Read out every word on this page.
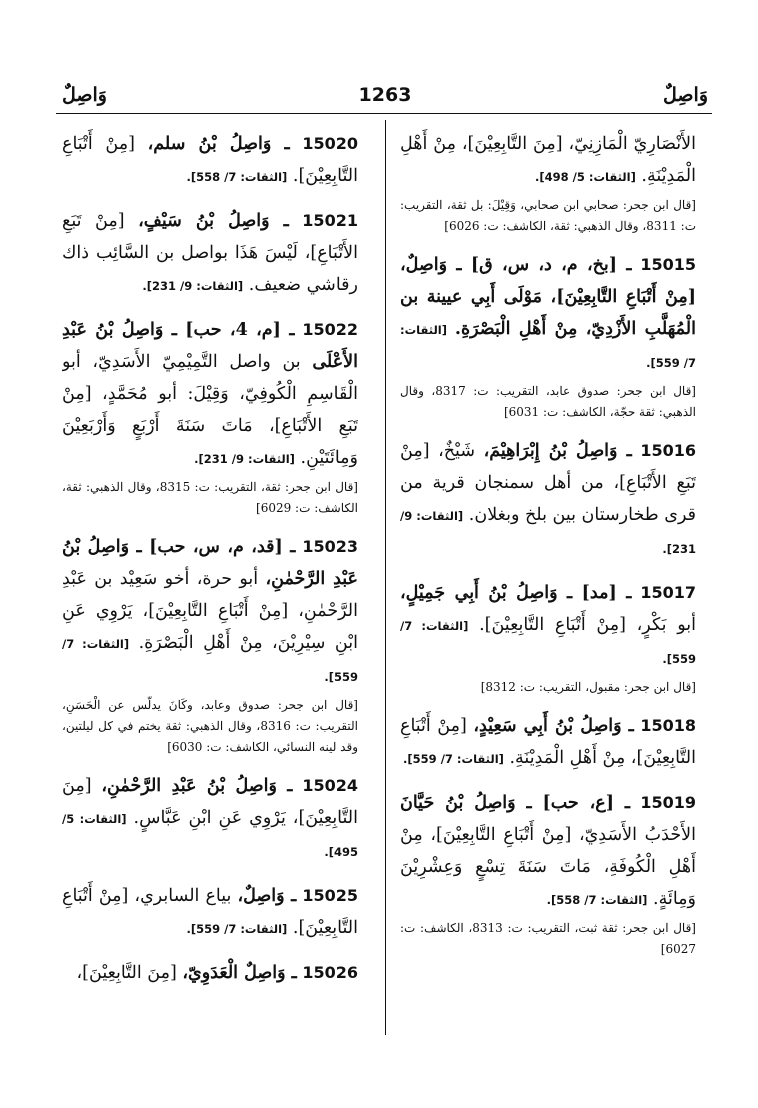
وَاصِلٌ
1263
وَاصِلٌ
الأَنْصَارِيّ الْمَازِنِيّ، [مِنَ التَّابِعِيْنَ]، مِنْ أَهْلِ الْمَدِيْنَةِ. [الثقات: 5/ 498].
[قال ابن جحر: صحابي ابن صحابي، وَقِيْلَ: بل ثقة، التقريب: ت: 8311، وقال الذهبي: ثقة، الكاشف: ت: 6026]
15015 ـ [بخ، م، د، س، ق] ـ وَاصِلٌ، [مِنْ أَتْبَاعِ التَّابِعِيْنَ]، مَوْلَى أَبِي عيينة بن الْمُهَلَّبِ الأَزْدِيّ، مِنْ أَهْلِ الْبَصْرَةِ. [الثقات: 7/ 559].
[قال ابن جحر: صدوق عابد، التقريب: ت: 8317، وقال الذهبي: ثقة حجّة، الكاشف: ت: 6031]
15016 ـ وَاصِلُ بْنُ إِبْرَاهِيْمَ، شَيْخٌ، [مِنْ تَبَعِ الأَتْبَاعِ]، من أهل سمنجان قرية من قرى طخارستان بين بلخ وبغلان. [الثقات: 9/ 231].
15017 ـ [مد] ـ وَاصِلُ بْنُ أَبِي جَمِيْلٍ، أبو بَكْرٍ، [مِنْ أَتْبَاعِ التَّابِعِيْنَ]. [الثقات: 7/ 559].
[قال ابن جحر: مقبول، التقريب: ت: 8312]
15018 ـ وَاصِلُ بْنُ أَبِي سَعِيْدٍ، [مِنْ أَتْبَاعِ التَّابِعِيْنَ]، مِنْ أَهْلِ الْمَدِيْنَةِ. [الثقات: 7/ 559].
15019 ـ [ع، حب] ـ وَاصِلُ بْنُ حَيَّانَ الأَحْدَبُ الأَسَدِيّ، [مِنْ أَتْبَاعِ التَّابِعِيْنَ]، مِنْ أَهْلِ الْكُوفَةِ، مَاتَ سَنَةَ تِسْعٍ وَعِشْرِيْنَ وَمِائَةٍ. [الثقات: 7/ 558].
[قال ابن جحر: ثقة ثبت، التقريب: ت: 8313، الكاشف: ت: 6027]
15020 ـ وَاصِلُ بْنُ سلم، [مِنْ أَتْبَاعِ التَّابِعِيْنَ]. [الثقات: 7/ 558].
15021 ـ وَاصِلُ بْنُ سَيْفٍ، [مِنْ تَبَعِ الأَتْبَاعِ]، لَيْسَ هَذَا بواصل بن السَّائِب ذاك رقاشي ضعيف. [الثقات: 9/ 231].
15022 ـ [م، 4، حب] ـ وَاصِلُ بْنُ عَبْدِ الأَعْلَى بن واصل التَّمِيْمِيّ الأَسَدِيّ، أبو الْقَاسِمِ الْكُوفِيّ، وَقِيْلَ: أبو مُحَمَّدٍ، [مِنْ تَبَعِ الأَتْبَاعِ]، مَاتَ سَنَةَ أَرْبَعٍ وَأَرْبَعِيْنَ وَمِائَتَيْنِ. [الثقات: 9/ 231].
[قال ابن جحر: ثقة، التقريب: ت: 8315، وقال الذهبي: ثقة، الكاشف: ت: 6029]
15023 ـ [قد، م، س، حب] ـ وَاصِلُ بْنُ عَبْدِ الرَّحْمٰنِ، أبو حرة، أخو سَعِيْد بن عَبْدِ الرَّحْمٰنِ، [مِنْ أَتْبَاعِ التَّابِعِيْنَ]، يَرْوِي عَنِ ابْنِ سِيْرِيْنَ، مِنْ أَهْلِ الْبَصْرَةِ. [الثقات: 7/ 559].
[قال ابن جحر: صدوق وعابد، وكَانَ يدلّس عن الْحَسَنِ، التقريب: ت: 8316، وقال الذهبي: ثقة يختم في كل ليلتين، وقد لينه النسائي، الكاشف: ت: 6030]
15024 ـ وَاصِلُ بْنُ عَبْدِ الرَّحْمٰنِ، [مِنَ التَّابِعِيْنَ]، يَرْوِي عَنِ ابْنِ عَبَّاسٍ. [الثقات: 5/ 495].
15025 ـ وَاصِلٌ، بياع السابري، [مِنْ أَتْبَاعِ التَّابِعِيْنَ]. [الثقات: 7/ 559].
15026 ـ وَاصِلٌ الْعَدَوِيّ، [مِنَ التَّابِعِيْنَ]،
